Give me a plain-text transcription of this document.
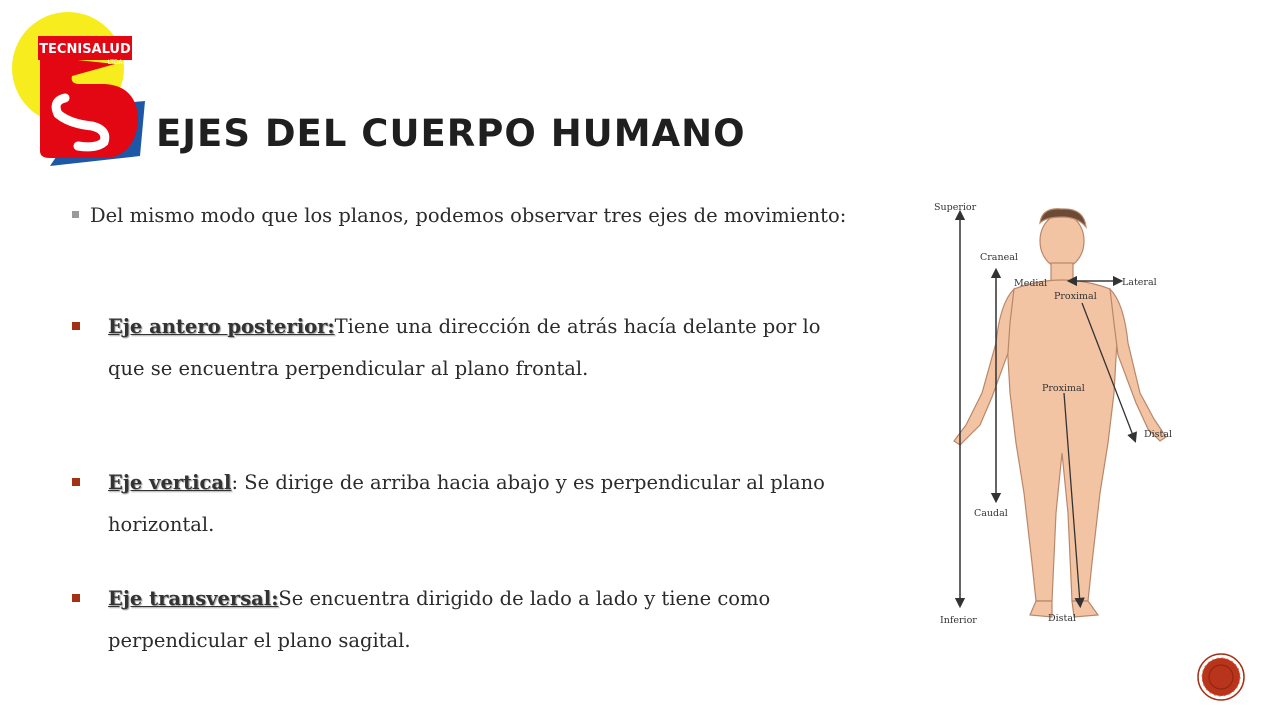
TECNISALUD
LTDA.
EJES DEL CUERPO HUMANO
Del mismo modo que los planos, podemos observar tres ejes de movimiento:
Eje antero posterior:Tiene una dirección de atrás hacía delante por lo      que se encuentra perpendicular al plano frontal.
Eje vertical: Se dirige de arriba hacia abajo y es perpendicular al plano horizontal.
Eje transversal:Se encuentra dirigido de lado a lado y tiene como perpendicular el plano sagital.
Superior
Craneal
Medial	Lateral
Proximal
Proximal
Distal
Caudal
Inferior	Distal
